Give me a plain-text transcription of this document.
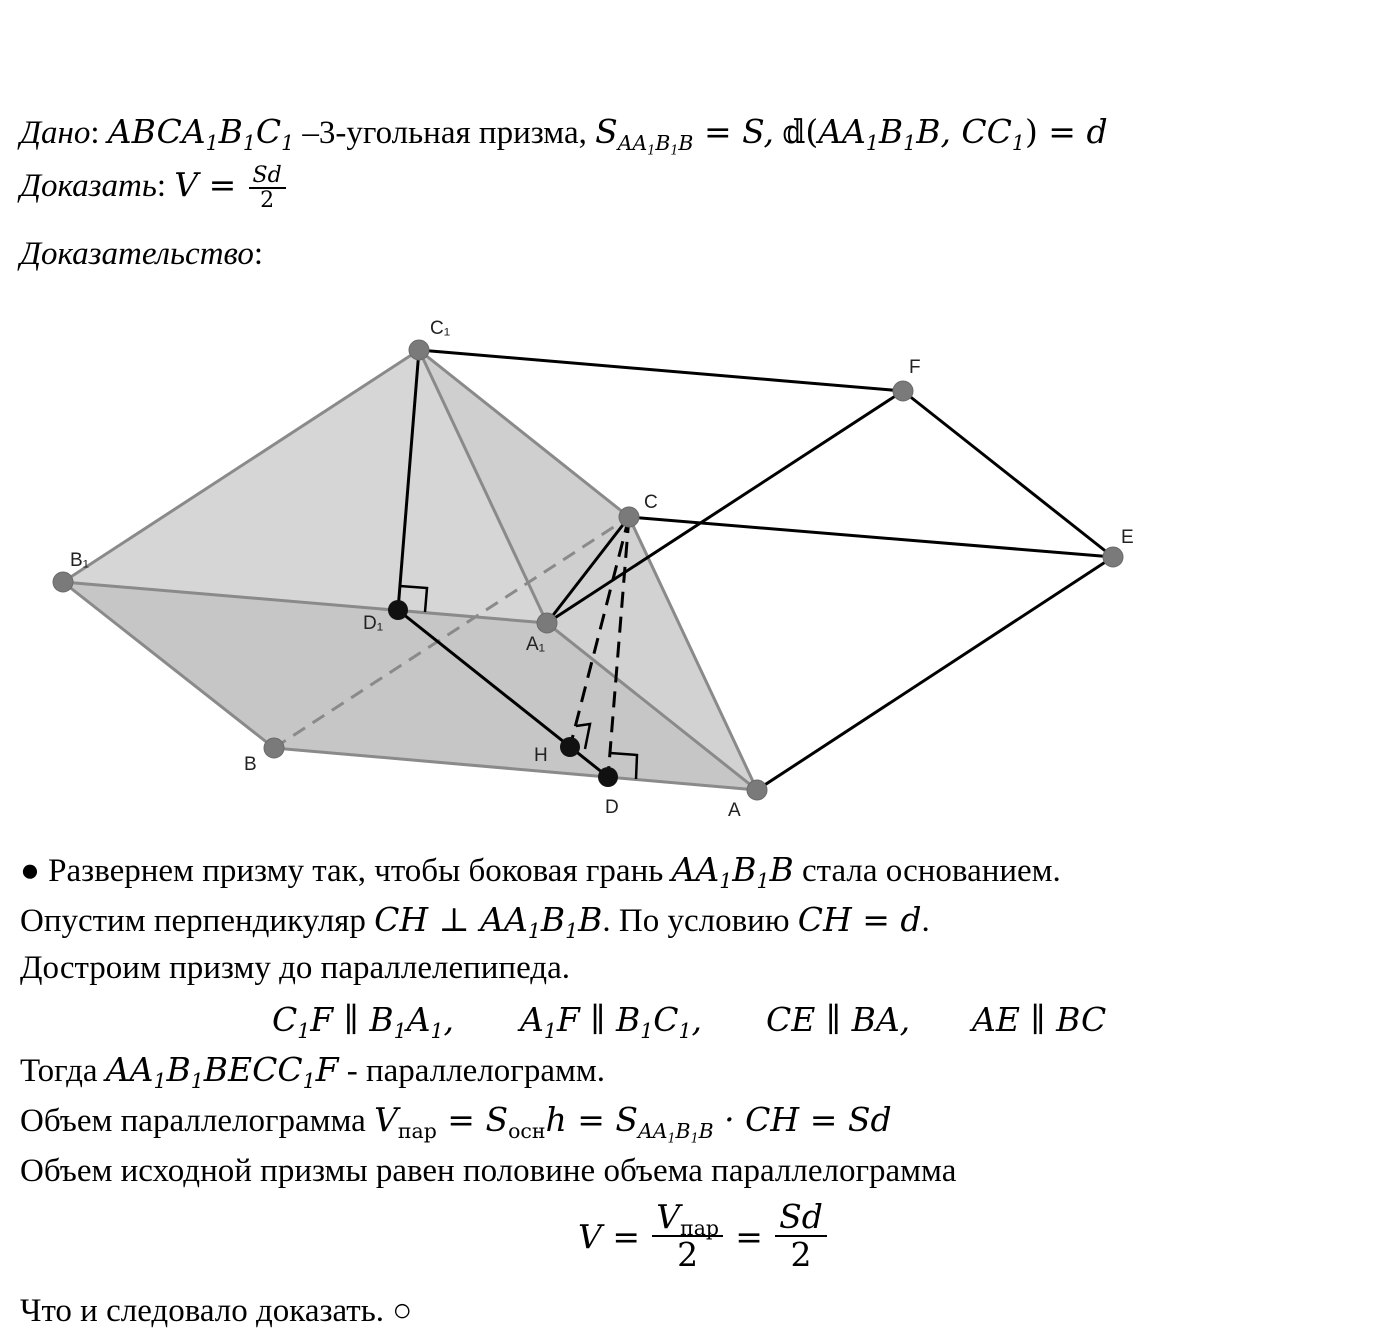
Дано: $ABCA_1B_1C_1$ –3-угольная призма, $S_{AA_1B_1B} = S$, $𝕕(AA_1B_1B$, $CC_1) = d$
Доказать: $V = \frac{Sd}{2}$
Доказательство:
C₁
F
C
E
B₁
D₁
A₁
B	H
D	A
● Развернем призму так, чтобы боковая грань $AA_1B_1B$ стала основанием.
Опустим перпендикуляр CH ⊥ $AA_1B_1B$. По условию CH = d.
Достроим призму до параллелепипеда.
$C_1F$ ∥ $B_1A_1$, $A_1F$ ∥ $B_1C_1$, CE ∥ BA, AE ∥ BC
Тогда $AA_1B_1BECC_1F$ - параллелограмм.
Объем параллелограмма $V_{пар} = S_{осн}h = S_{AA_1B_1B}$ · CH = Sd
Объем исходной призмы равен половине объема параллелограмма
$V = \frac{V_{пар}}{2} = \frac{Sd}{2}$
Что и следовало доказать. ○
